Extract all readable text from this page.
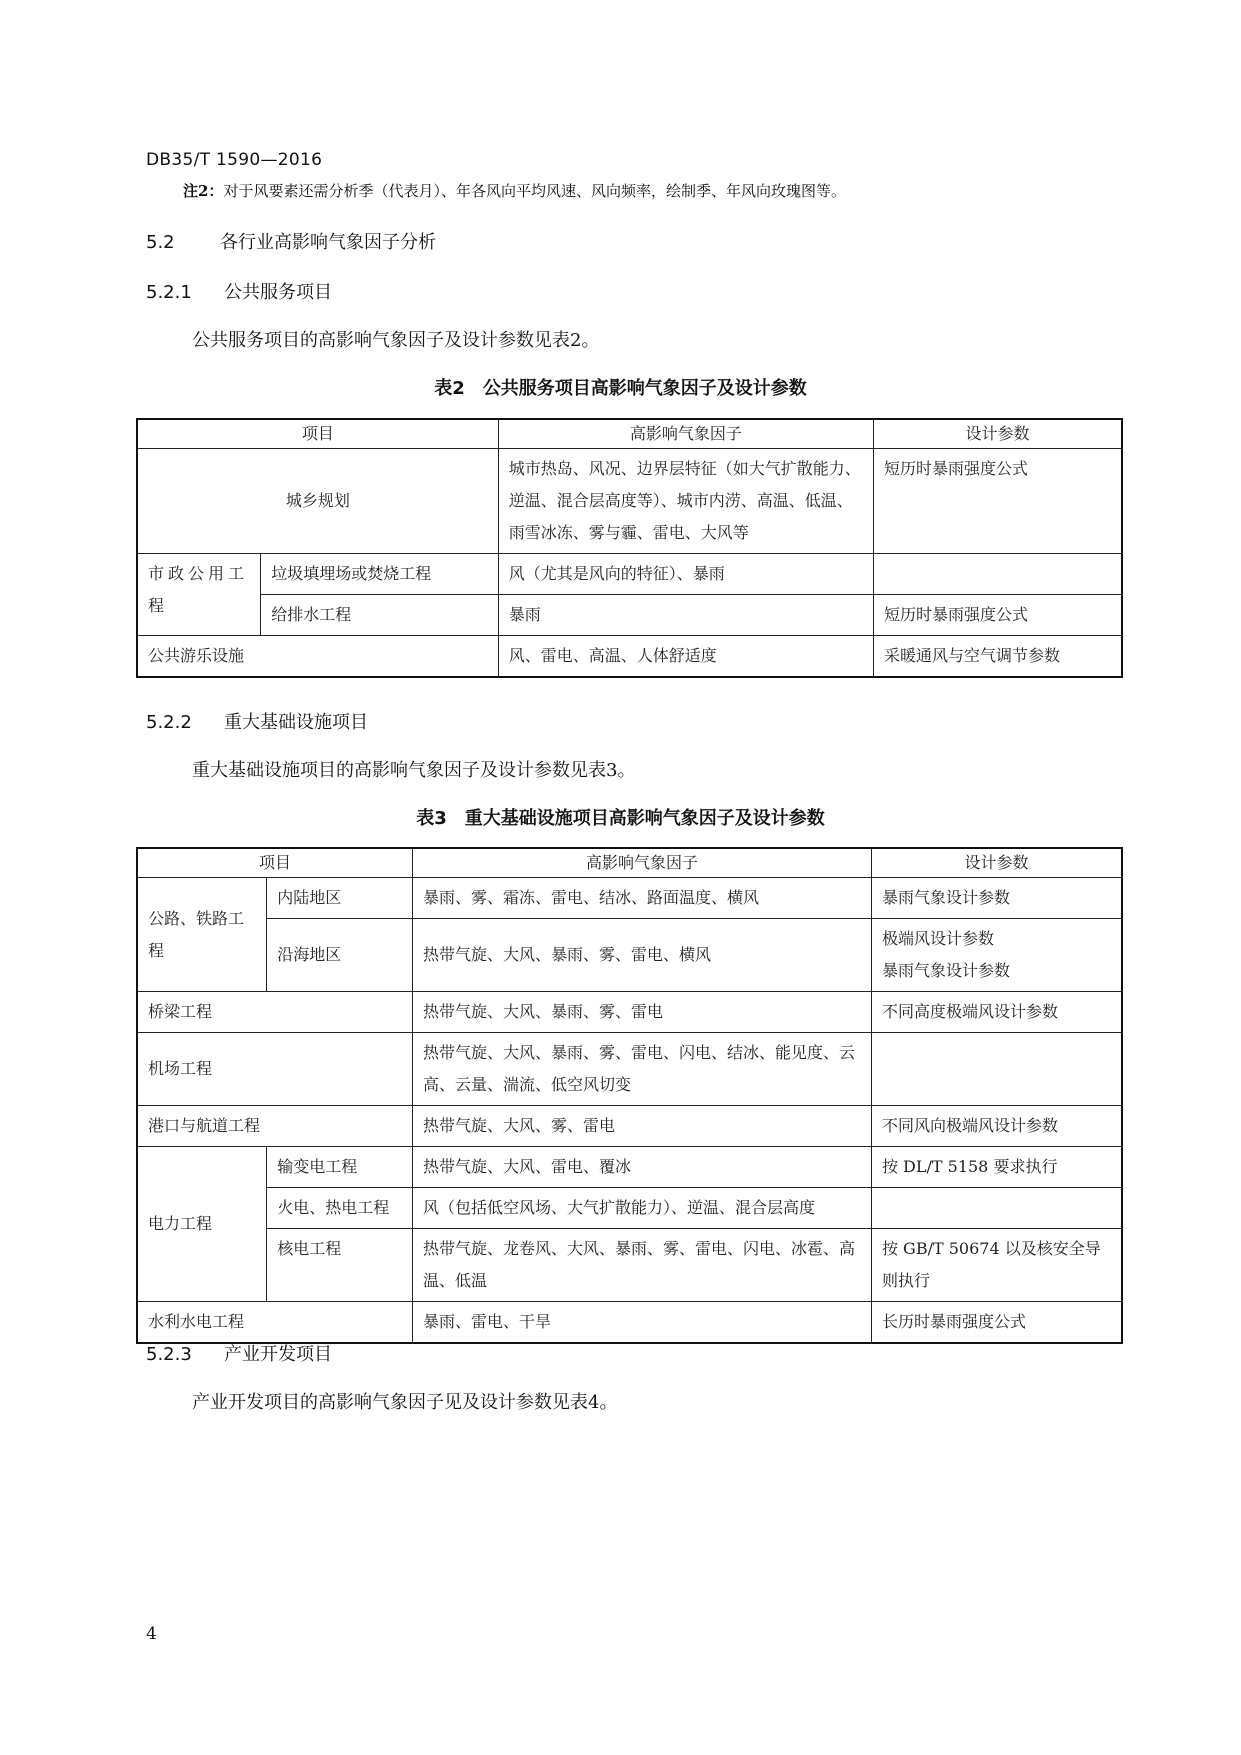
DB35/T 1590—2016
注2：对于风要素还需分析季（代表月）、年各风向平均风速、风向频率，绘制季、年风向玫瑰图等。
5.2	各行业高影响气象因子分析
5.2.1 公共服务项目
公共服务项目的高影响气象因子及设计参数见表2。
表2　公共服务项目高影响气象因子及设计参数
项目		高影响气象因子	设计参数
城乡规划		城市热岛、风况、边界层特征（如大气扩散能力、逆温、混合层高度等）、城市内涝、高温、低温、雨雪冰冻、雾与霾、雷电、大风等	短历时暴雨强度公式
市政公用工程	垃圾填埋场或焚烧工程	风（尤其是风向的特征）、暴雨	
	给排水工程	暴雨	短历时暴雨强度公式
公共游乐设施		风、雷电、高温、人体舒适度	采暖通风与空气调节参数
5.2.2 重大基础设施项目
重大基础设施项目的高影响气象因子及设计参数见表3。
表3　重大基础设施项目高影响气象因子及设计参数
项目		高影响气象因子	设计参数
公路、铁路工程	内陆地区	暴雨、雾、霜冻、雷电、结冰、路面温度、横风	暴雨气象设计参数
	沿海地区	热带气旋、大风、暴雨、雾、雷电、横风	极端风设计参数
暴雨气象设计参数

桥梁工程		热带气旋、大风、暴雨、雾、雷电	不同高度极端风设计参数
机场工程		热带气旋、大风、暴雨、雾、雷电、闪电、结冰、能见度、云高、云量、湍流、低空风切变	
港口与航道工程		热带气旋、大风、雾、雷电	不同风向极端风设计参数
电力工程	输变电工程	热带气旋、大风、雷电、覆冰	按 DL/T 5158 要求执行
	火电、热电工程	风（包括低空风场、大气扩散能力）、逆温、混合层高度	
	核电工程	热带气旋、龙卷风、大风、暴雨、雾、雷电、闪电、冰雹、高温、低温	按 GB/T 50674 以及核安全导则执行
水利水电工程		暴雨、雷电、干旱	长历时暴雨强度公式
5.2.3 产业开发项目
产业开发项目的高影响气象因子见及设计参数见表4。
4
